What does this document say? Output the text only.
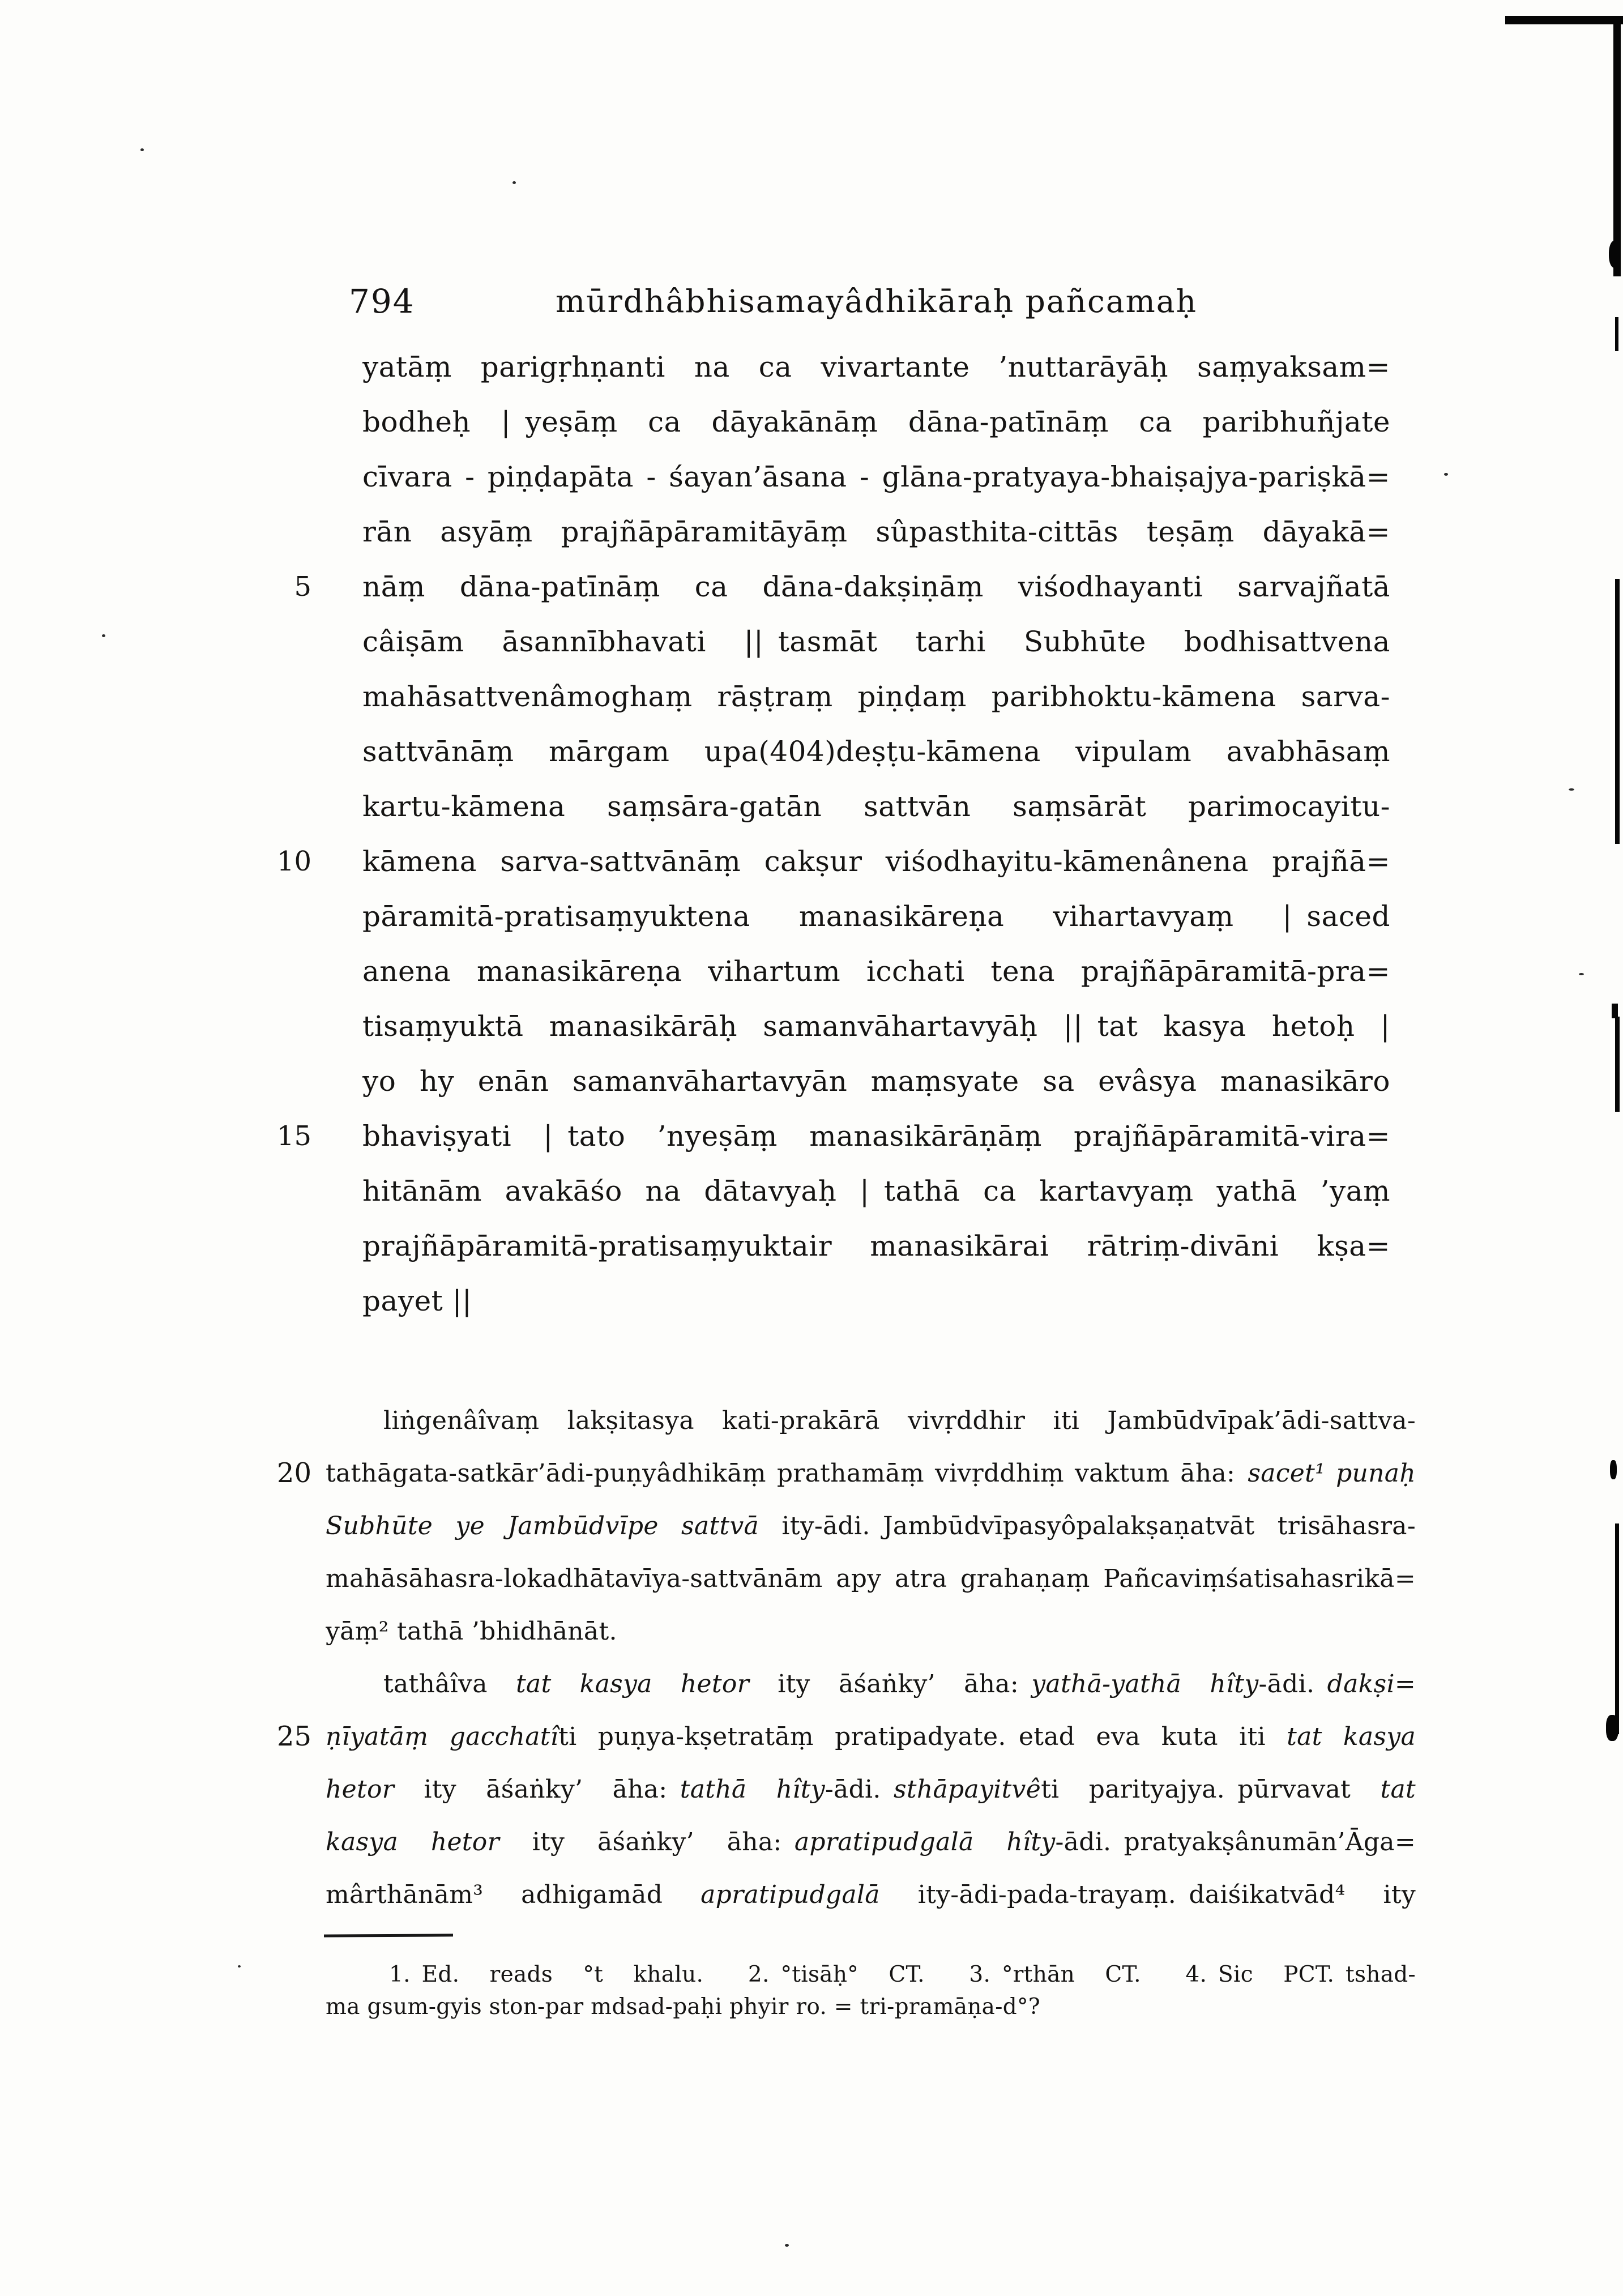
794	mūrdhâbhisamayâdhikāraḥ pañcamaḥ
5
10
15
20
25
yatāṃ parigṛhṇanti na ca vivartante ’nuttarāyāḥ saṃyaksam=
bodheḥ | yeṣāṃ ca dāyakānāṃ dāna-patīnāṃ ca paribhuñjate
cīvara - piṇḍapāta - śayan’āsana - glāna-pratyaya-bhaiṣajya-pariṣkā=
rān asyāṃ prajñāpāramitāyāṃ sûpasthita-cittās teṣāṃ dāyakā=
nāṃ dāna-patīnāṃ ca dāna-dakṣiṇāṃ viśodhayanti sarvajñatā
câiṣām āsannībhavati || tasmāt tarhi Subhūte bodhisattvena
mahāsattvenâmoghaṃ rāṣṭraṃ piṇḍaṃ paribhoktu-kāmena sarva-
sattvānāṃ mārgam upa(404)deṣṭu-kāmena vipulam avabhāsaṃ
kartu-kāmena saṃsāra-gatān sattvān saṃsārāt parimocayitu-
kāmena sarva-sattvānāṃ cakṣur viśodhayitu-kāmenânena prajñā=
pāramitā-pratisaṃyuktena manasikāreṇa vihartavyaṃ | saced
anena manasikāreṇa vihartum icchati tena prajñāpāramitā-pra=
tisaṃyuktā manasikārāḥ samanvāhartavyāḥ || tat kasya hetoḥ |
yo hy enān samanvāhartavyān maṃsyate sa evâsya manasikāro
bhaviṣyati | tato ’nyeṣāṃ manasikārāṇāṃ prajñāpāramitā-vira=
hitānām avakāśo na dātavyaḥ | tathā ca kartavyaṃ yathā ’yaṃ
prajñāpāramitā-pratisaṃyuktair manasikārai rātriṃ-divāni kṣa=
payet ||
liṅgenâîvaṃ lakṣitasya kati-prakārā vivṛddhir iti Jambūdvīpak’ādi-sattva-
tathāgata-satkār’ādi-puṇyâdhikāṃ prathamāṃ vivṛddhiṃ vaktum āha: sacet¹ punaḥ
Subhūte ye Jambūdvīpe sattvā ity-ādi. Jambūdvīpasyôpalakṣaṇatvāt trisāhasra-
mahāsāhasra-lokadhātavīya-sattvānām apy atra grahaṇaṃ Pañcaviṃśatisahasrikā=
yāṃ² tathā ’bhidhānāt.
tathâîva tat kasya hetor ity āśaṅky’ āha: yathā-yathā hîty-ādi. dakṣi=
ṇīyatāṃ gacchatîti puṇya-kṣetratāṃ pratipadyate. etad eva kuta iti tat kasya
hetor ity āśaṅky’ āha: tathā hîty-ādi. sthāpayitvêti parityajya. pūrvavat tat
kasya hetor ity āśaṅky’ āha: apratipudgalā hîty-ādi. pratyakṣânumān’Āga=
mârthānām³ adhigamād apratipudgalā ity-ādi-pada-trayaṃ. daiśikatvād⁴ ity
1. Ed. reads °t khalu.  2. °tisāḥ° CT.  3. °rthān CT.  4. Sic PCT. tshad-
ma gsum-gyis ston-par mdsad-paḥi phyir ro. = tri-pramāṇa-d°?
